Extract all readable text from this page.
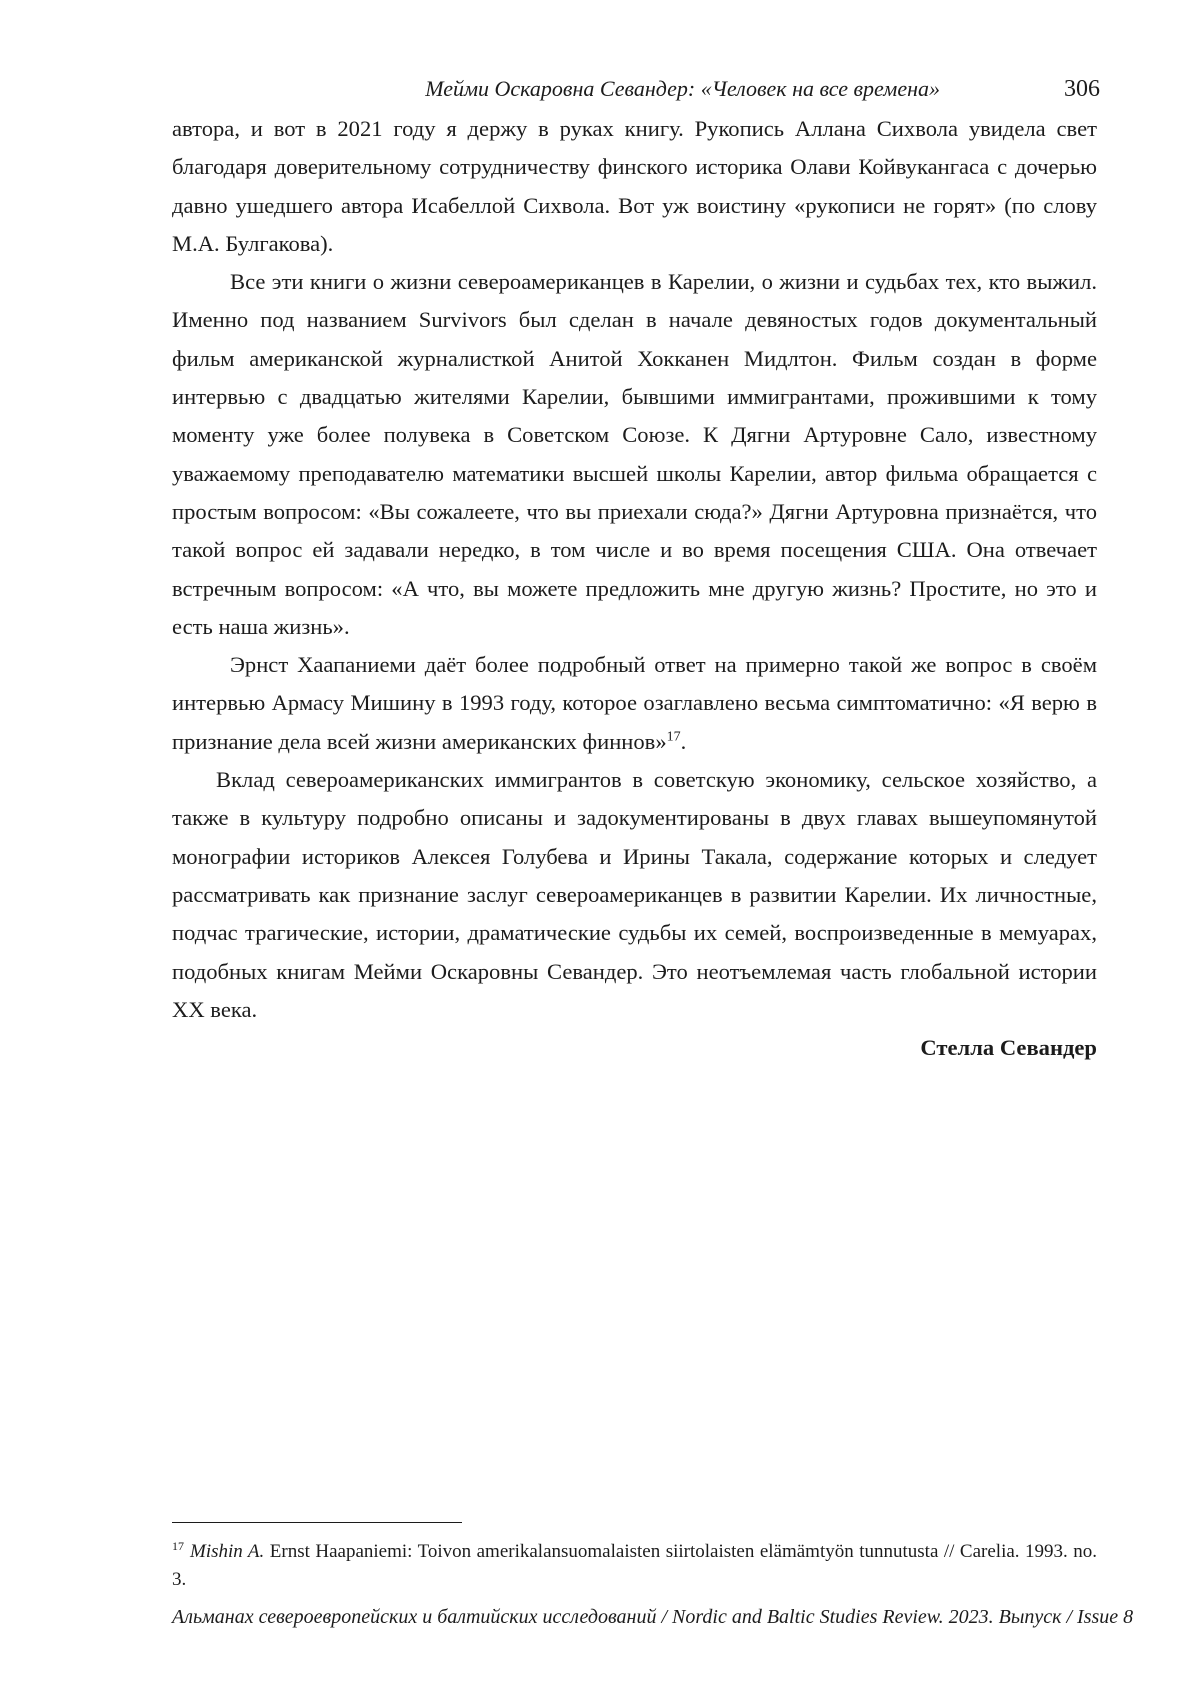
Мейми Оскаровна Севандер: «Человек на все времена»	306

автора, и вот в 2021 году я держу в руках книгу. Рукопись Аллана Сихвола увидела свет благодаря доверительному сотрудничеству финского историка Олави Койвукангаса с дочерью давно ушедшего автора Исабеллой Сихвола. Вот уж воистину «рукописи не горят» (по слову М.А. Булгакова).

Все эти книги о жизни североамериканцев в Карелии, о жизни и судьбах тех, кто выжил. Именно под названием Survivors был сделан в начале девяностых годов документальный фильм американской журналисткой Анитой Хокканен Мидлтон. Фильм создан в форме интервью с двадцатью жителями Карелии, бывшими иммигрантами, прожившими к тому моменту уже более полувека в Советском Союзе. К Дягни Артуровне Сало, известному уважаемому преподавателю математики высшей школы Карелии, автор фильма обращается с простым вопросом: «Вы сожалеете, что вы приехали сюда?» Дягни Артуровна признаётся, что такой вопрос ей задавали нередко, в том числе и во время посещения США. Она отвечает встречным вопросом: «А что, вы можете предложить мне другую жизнь? Простите, но это и есть наша жизнь».

Эрнст Хаапаниеми даёт более подробный ответ на примерно такой же вопрос в своём интервью Армасу Мишину в 1993 году, которое озаглавлено весьма симптоматично: «Я верю в признание дела всей жизни американских финнов»$^{17}$.

Вклад североамериканских иммигрантов в советскую экономику, сельское хозяйство, а также в культуру подробно описаны и задокументированы в двух главах вышеупомянутой монографии историков Алексея Голубева и Ирины Такала, содержание которых и следует рассматривать как признание заслуг североамериканцев в развитии Карелии. Их личностные, подчас трагические, истории, драматические судьбы их семей, воспроизведенные в мемуарах, подобных книгам Мейми Оскаровны Севандер. Это неотъемлемая часть глобальной истории XX века.

Стелла Севандер

$^{17}$ Mishin A. Ernst Haapaniemi: Toivon amerikalansuomalaisten siirtolaisten elämämtyön tunnutusta // Carelia. 1993. no. 3.
Альманах североевропейских и балтийских исследований / Nordic and Baltic Studies Review. 2023. Выпуск / Issue 8
